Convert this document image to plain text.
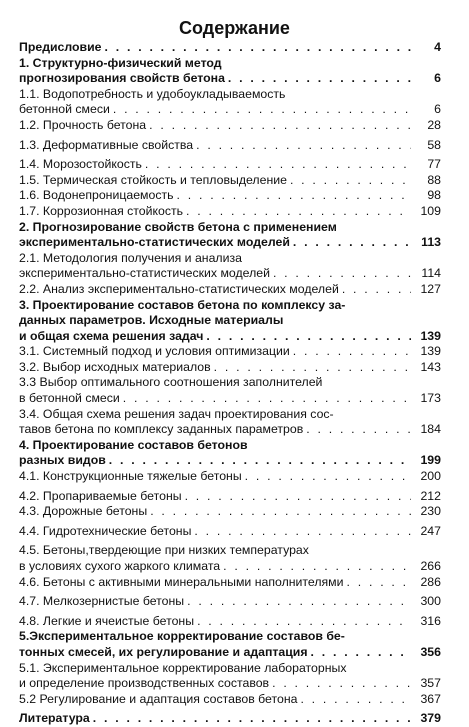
Содержание
Предисловие . . .	4
1. Структурно-физический метод
прогнозирования свойств бетона . . .	6
1.1. Водопотребность и удобоукладываемость
бетонной смеси . . .	6
1.2. Прочность бетона . . .	28
1.3. Деформативные свойства . . .	58
1.4. Морозостойкость . . .	77
1.5. Термическая стойкость и тепловыделение . . .	88
1.6. Водонепроницаемость . . .	98
1.7. Коррозионная стойкость . . .	109
2. Прогнозирование свойств бетона с применением
экспериментально-статистических моделей . . .	113
2.1. Методология получения и анализа
экспериментально-статистических моделей . . .	114
2.2. Анализ экспериментально-статистических моделей . . .	127
3. Проектирование составов бетона по комплексу за-
данных параметров. Исходные материалы
и общая схема решения задач . . .	139
3.1. Системный подход и условия оптимизации . . .	139
3.2. Выбор исходных материалов . . .	143
3.3 Выбор оптимального соотношения заполнителей
в бетонной смеси . . .	173
3.4. Общая схема решения задач проектирования сос-
тавов бетона по комплексу заданных параметров . . .	184
4. Проектирование составов бетонов
разных видов . . .	199
4.1. Конструкционные тяжелые бетоны . . .	200
4.2. Пропариваемые бетоны . . .	212
4.3. Дорожные бетоны . . .	230
4.4. Гидротехнические бетоны . . .	247
4.5. Бетоны,твердеющие при низких температурах
в условиях сухого жаркого климата . . .	266
4.6. Бетоны с активными минеральными наполнителями . . .	286
4.7. Мелкозернистые бетоны . . .	300
4.8. Легкие и ячеистые бетоны . . .	316
5.Экспериментальное корректирование составов бе-
тонных смесей, их регулирование и адаптация . . .	356
5.1. Экспериментальное корректирование лабораторных
и определение производственных составов . . .	357
5.2 Регулирование и адаптация составов бетона . . .	367
Литература . . .	379
